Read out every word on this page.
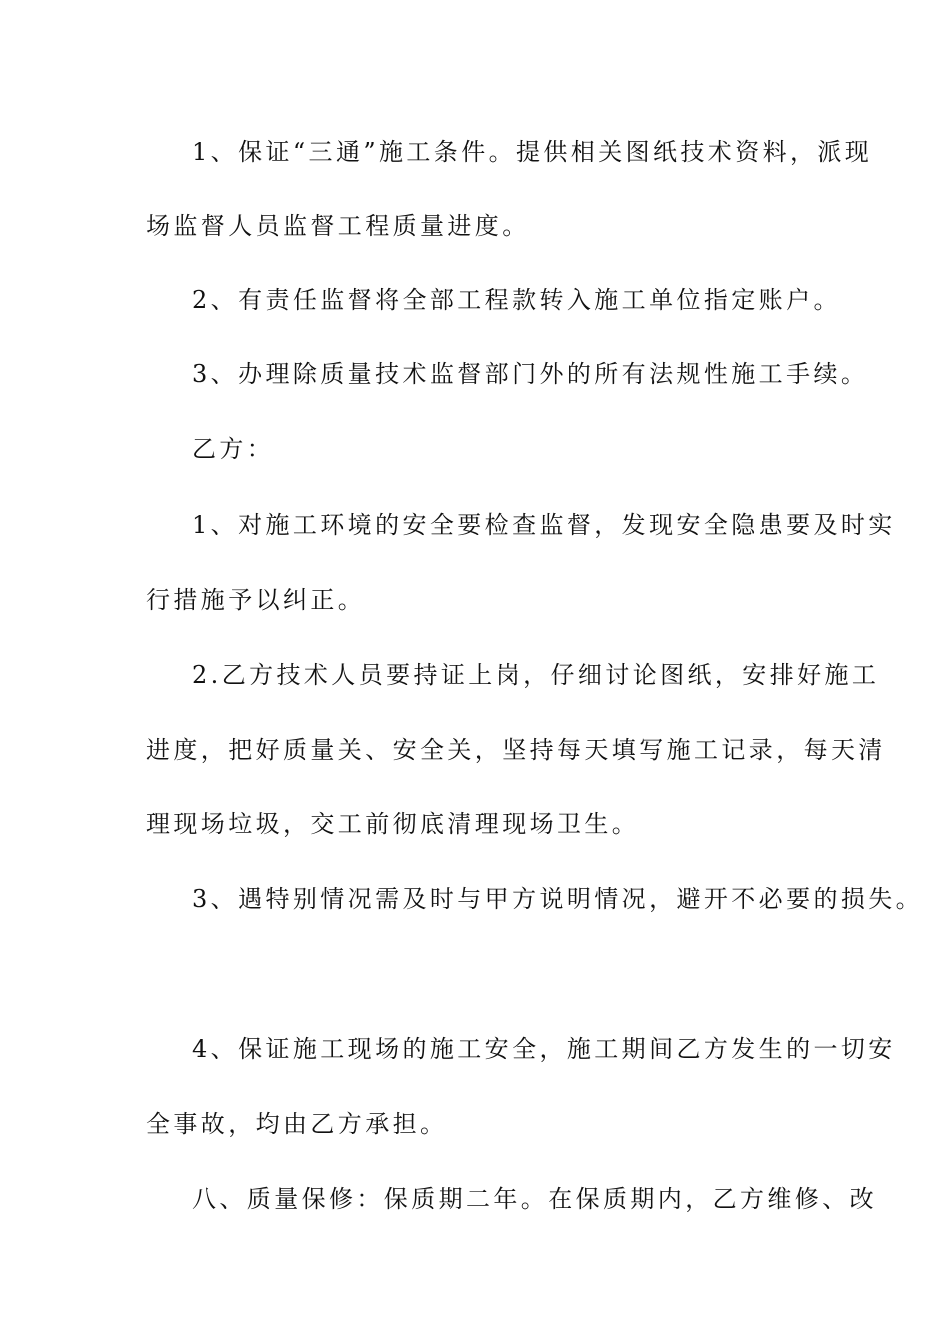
1、保证“三通”施工条件。提供相关图纸技术资料，派现
场监督人员监督工程质量进度。
2、有责任监督将全部工程款转入施工单位指定账户。
3、办理除质量技术监督部门外的所有法规性施工手续。
乙方：
1、对施工环境的安全要检查监督，发现安全隐患要及时实
行措施予以纠正。
2.乙方技术人员要持证上岗，仔细讨论图纸，安排好施工
进度，把好质量关、安全关，坚持每天填写施工记录，每天清
理现场垃圾，交工前彻底清理现场卫生。
3、遇特别情况需及时与甲方说明情况，避开不必要的损失。
4、保证施工现场的施工安全，施工期间乙方发生的一切安
全事故，均由乙方承担。
八、质量保修：保质期二年。在保质期内，乙方维修、改
